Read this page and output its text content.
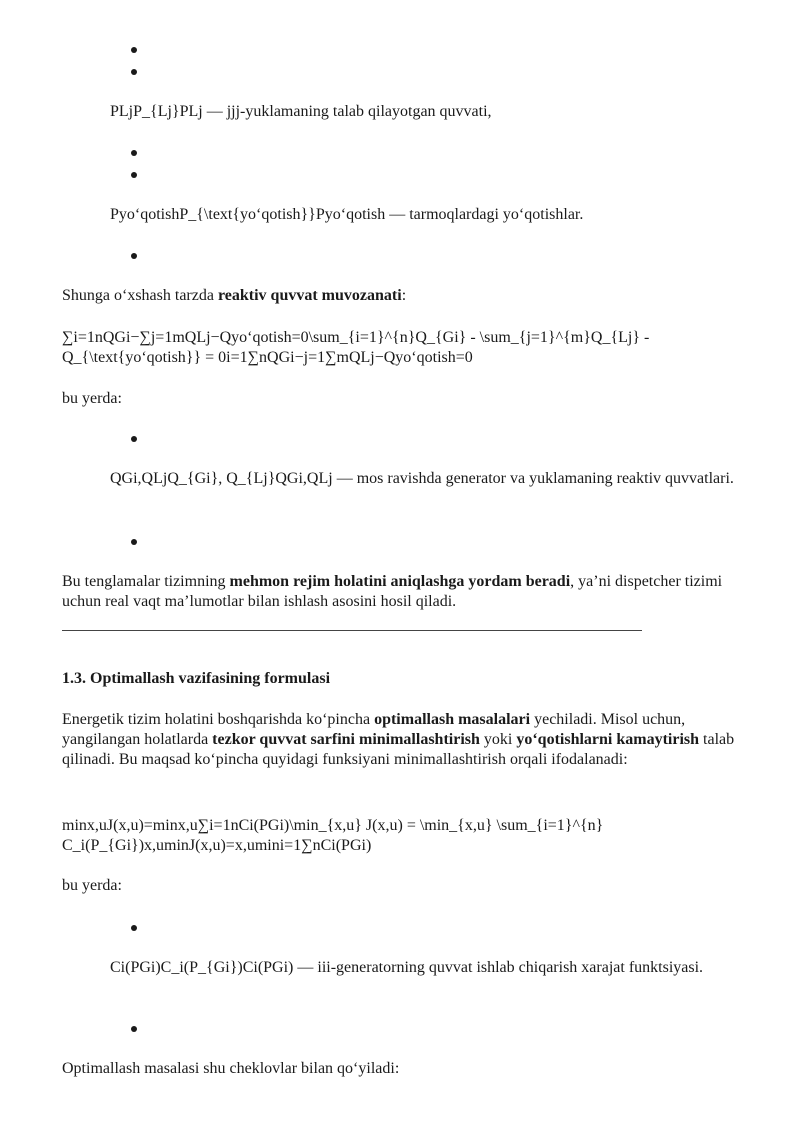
PLjP_{Lj}PLj — jjj-yuklamaning talab qilayotgan quvvati,
Pyo‘qotishP_{\text{yo‘qotish}}Pyo‘qotish — tarmoqlardagi yo‘qotishlar.
Shunga o‘xshash tarzda reaktiv quvvat muvozanati:
∑i=1nQGi−∑j=1mQLj−Qyo‘qotish=0\sum_{i=1}^{n}Q_{Gi} - \sum_{j=1}^{m}Q_{Lj} - Q_{\text{yo‘qotish}} = 0i=1∑nQGi−j=1∑mQLj−Qyo‘qotish=0
bu yerda:
QGi,QLjQ_{Gi}, Q_{Lj}QGi,QLj — mos ravishda generator va yuklamaning reaktiv quvvatlari.
Bu tenglamalar tizimning mehmon rejim holatini aniqlashga yordam beradi, ya’ni dispetcher tizimi uchun real vaqt ma’lumotlar bilan ishlash asosini hosil qiladi.
1.3. Optimallash vazifasining formulasi
Energetik tizim holatini boshqarishda ko‘pincha optimallash masalalari yechiladi. Misol uchun, yangilangan holatlarda tezkor quvvat sarfini minimallashtirish yoki yo‘qotishlarni kamaytirish talab qilinadi. Bu maqsad ko‘pincha quyidagi funksiyani minimallashtirish orqali ifodalanadi:
minx,uJ(x,u)=minx,u∑i=1nCi(PGi)\min_{x,u} J(x,u) = \min_{x,u} \sum_{i=1}^{n} C_i(P_{Gi})x,uminJ(x,u)=x,umini=1∑nCi(PGi)
bu yerda:
Ci(PGi)C_i(P_{Gi})Ci(PGi) — iii-generatorning quvvat ishlab chiqarish xarajat funktsiyasi.
Optimallash masalasi shu cheklovlar bilan qo‘yiladi:
